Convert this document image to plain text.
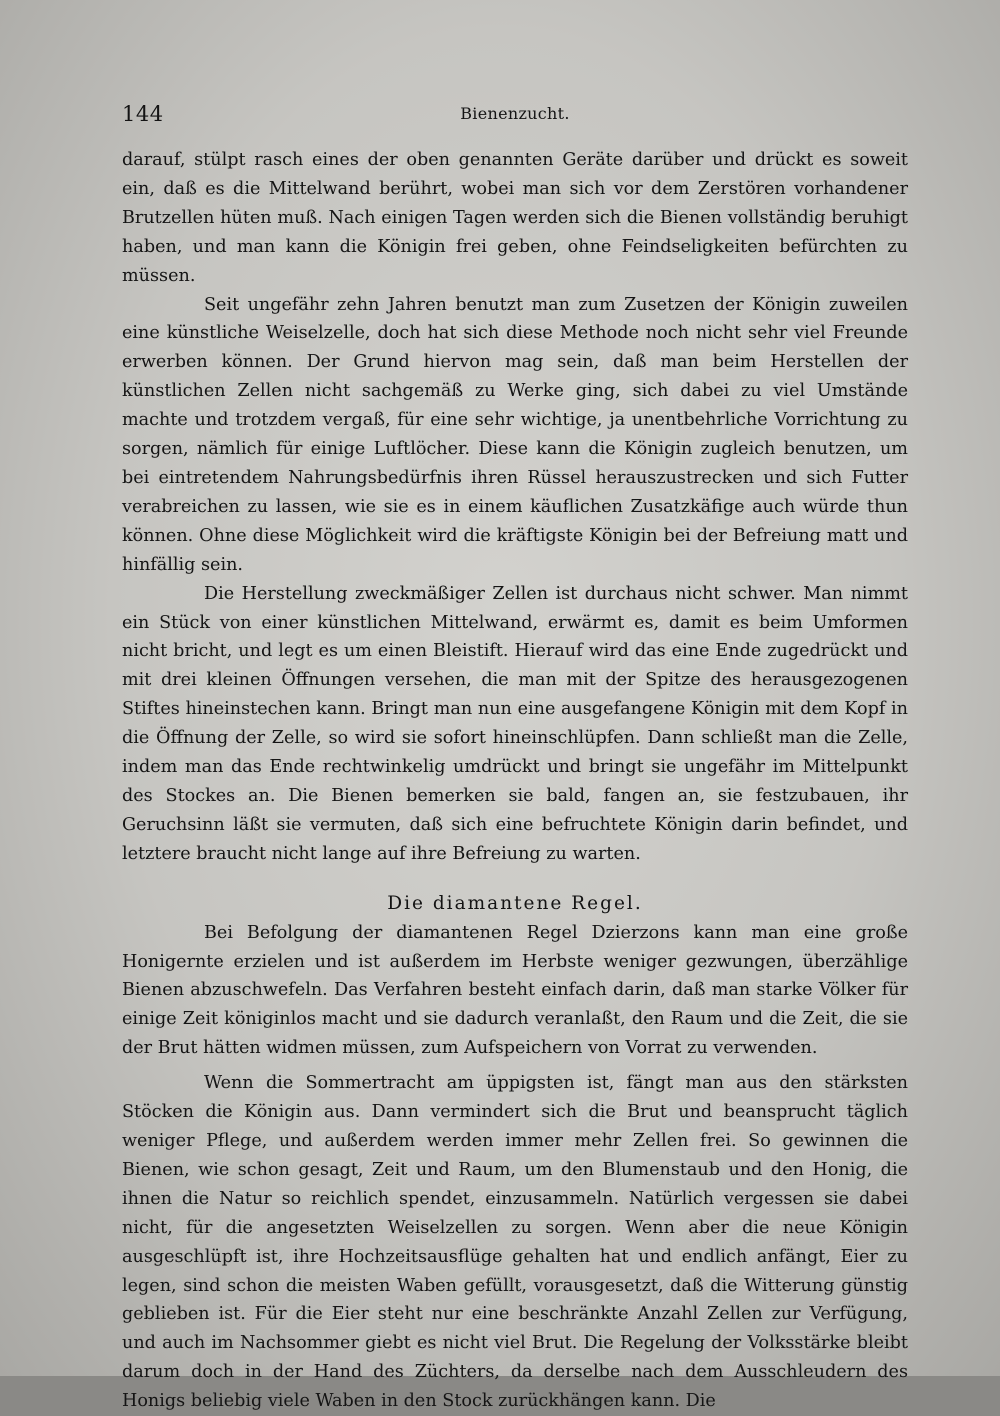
144	Bienenzucht.

darauf, stülpt rasch eines der oben genannten Geräte darüber und drückt es soweit ein, daß es die Mittelwand berührt, wobei man sich vor dem Zerstören vorhandener Brutzellen hüten muß. Nach einigen Tagen werden sich die Bienen vollständig beruhigt haben, und man kann die Königin frei geben, ohne Feindseligkeiten befürchten zu müssen.

Seit ungefähr zehn Jahren benutzt man zum Zusetzen der Königin zuweilen eine künstliche Weiselzelle, doch hat sich diese Methode noch nicht sehr viel Freunde erwerben können. Der Grund hiervon mag sein, daß man beim Herstellen der künstlichen Zellen nicht sachgemäß zu Werke ging, sich dabei zu viel Umstände machte und trotzdem vergaß, für eine sehr wichtige, ja unentbehrliche Vorrichtung zu sorgen, nämlich für einige Luftlöcher. Diese kann die Königin zugleich benutzen, um bei eintretendem Nahrungsbedürfnis ihren Rüssel herauszustrecken und sich Futter verabreichen zu lassen, wie sie es in einem käuflichen Zusatzkäfige auch würde thun können. Ohne diese Möglichkeit wird die kräftigste Königin bei der Befreiung matt und hinfällig sein.

Die Herstellung zweckmäßiger Zellen ist durchaus nicht schwer. Man nimmt ein Stück von einer künstlichen Mittelwand, erwärmt es, damit es beim Umformen nicht bricht, und legt es um einen Bleistift. Hierauf wird das eine Ende zugedrückt und mit drei kleinen Öffnungen versehen, die man mit der Spitze des herausgezogenen Stiftes hineinstechen kann. Bringt man nun eine ausgefangene Königin mit dem Kopf in die Öffnung der Zelle, so wird sie sofort hineinschlüpfen. Dann schließt man die Zelle, indem man das Ende rechtwinkelig umdrückt und bringt sie ungefähr im Mittelpunkt des Stockes an. Die Bienen bemerken sie bald, fangen an, sie festzubauen, ihr Geruchsinn läßt sie vermuten, daß sich eine befruchtete Königin darin befindet, und letztere braucht nicht lange auf ihre Befreiung zu warten.

Die diamantene Regel.

Bei Befolgung der diamantenen Regel Dzierzons kann man eine große Honigernte erzielen und ist außerdem im Herbste weniger gezwungen, überzählige Bienen abzuschwefeln. Das Verfahren besteht einfach darin, daß man starke Völker für einige Zeit königinlos macht und sie dadurch veranlaßt, den Raum und die Zeit, die sie der Brut hätten widmen müssen, zum Aufspeichern von Vorrat zu verwenden.

Wenn die Sommertracht am üppigsten ist, fängt man aus den stärksten Stöcken die Königin aus. Dann vermindert sich die Brut und beansprucht täglich weniger Pflege, und außerdem werden immer mehr Zellen frei. So gewinnen die Bienen, wie schon gesagt, Zeit und Raum, um den Blumenstaub und den Honig, die ihnen die Natur so reichlich spendet, einzusammeln. Natürlich vergessen sie dabei nicht, für die angesetzten Weiselzellen zu sorgen. Wenn aber die neue Königin ausgeschlüpft ist, ihre Hochzeitsausflüge gehalten hat und endlich anfängt, Eier zu legen, sind schon die meisten Waben gefüllt, vorausgesetzt, daß die Witterung günstig geblieben ist. Für die Eier steht nur eine beschränkte Anzahl Zellen zur Verfügung, und auch im Nachsommer giebt es nicht viel Brut. Die Regelung der Volksstärke bleibt darum doch in der Hand des Züchters, da derselbe nach dem Ausschleudern des Honigs beliebig viele Waben in den Stock zurückhängen kann. Die
